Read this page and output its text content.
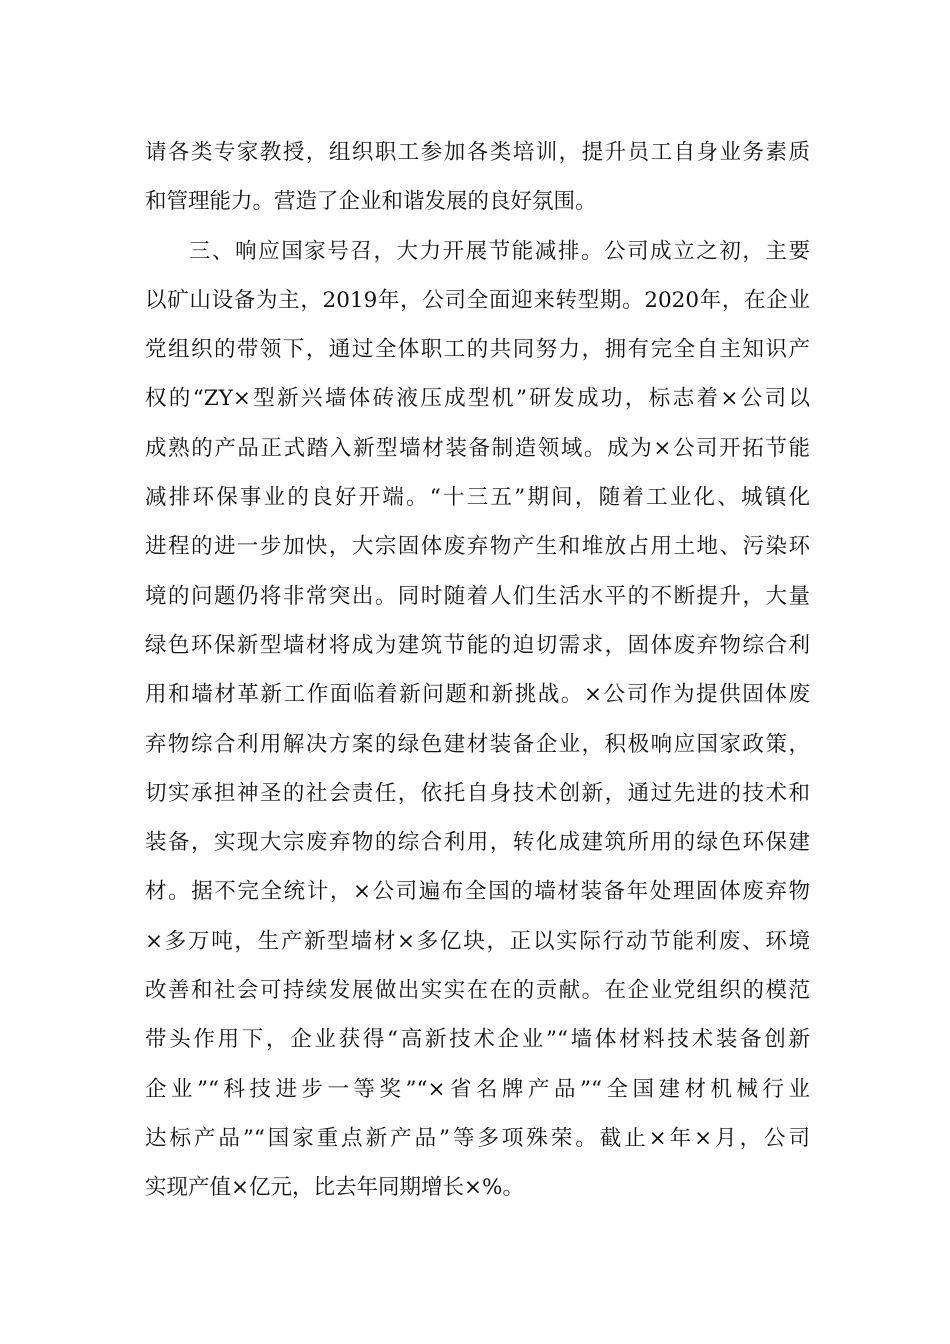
请各类专家教授，组织职工参加各类培训，提升员工自身业务素质
和管理能力。营造了企业和谐发展的良好氛围。
三、响应国家号召，大力开展节能减排。公司成立之初，主要
以矿山设备为主，2019年，公司全面迎来转型期。2020年，在企业
党组织的带领下，通过全体职工的共同努力，拥有完全自主知识产
权的“ZY×型新兴墙体砖液压成型机”研发成功，标志着×公司以
成熟的产品正式踏入新型墙材装备制造领域。成为×公司开拓节能
减排环保事业的良好开端。“十三五”期间，随着工业化、城镇化
进程的进一步加快，大宗固体废弃物产生和堆放占用土地、污染环
境的问题仍将非常突出。同时随着人们生活水平的不断提升，大量
绿色环保新型墙材将成为建筑节能的迫切需求，固体废弃物综合利
用和墙材革新工作面临着新问题和新挑战。×公司作为提供固体废
弃物综合利用解决方案的绿色建材装备企业，积极响应国家政策，
切实承担神圣的社会责任，依托自身技术创新，通过先进的技术和
装备，实现大宗废弃物的综合利用，转化成建筑所用的绿色环保建
材。据不完全统计，×公司遍布全国的墙材装备年处理固体废弃物
×多万吨，生产新型墙材×多亿块，正以实际行动节能利废、环境
改善和社会可持续发展做出实实在在的贡献。在企业党组织的模范
带头作用下，企业获得“高新技术企业”“墙体材料技术装备创新
企业”“科技进步一等奖”“×省名牌产品”“全国建材机械行业
达标产品”“国家重点新产品”等多项殊荣。截止×年×月，公司
实现产值×亿元，比去年同期增长×%。
